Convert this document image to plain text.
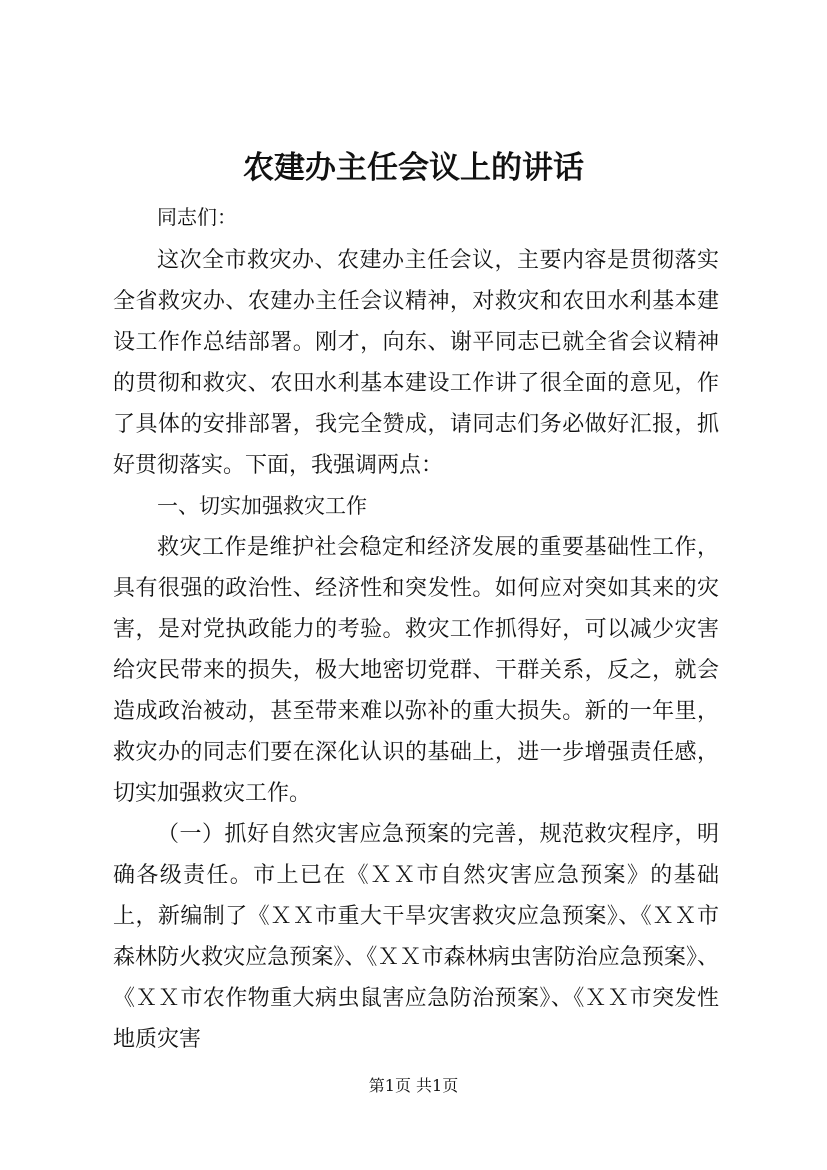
农建办主任会议上的讲话
同志们：

这次全市救灾办、农建办主任会议，主要内容是贯彻落实全省救灾办、农建办主任会议精神，对救灾和农田水利基本建设工作作总结部署。刚才，向东、谢平同志已就全省会议精神的贯彻和救灾、农田水利基本建设工作讲了很全面的意见，作了具体的安排部署，我完全赞成，请同志们务必做好汇报，抓好贯彻落实。下面，我强调两点：

一、切实加强救灾工作

救灾工作是维护社会稳定和经济发展的重要基础性工作，具有很强的政治性、经济性和突发性。如何应对突如其来的灾害，是对党执政能力的考验。救灾工作抓得好，可以减少灾害给灾民带来的损失，极大地密切党群、干群关系，反之，就会造成政治被动，甚至带来难以弥补的重大损失。新的一年里，救灾办的同志们要在深化认识的基础上，进一步增强责任感，切实加强救灾工作。

（一）抓好自然灾害应急预案的完善，规范救灾程序，明确各级责任。市上已在《ＸＸ市自然灾害应急预案》的基础上，新编制了《ＸＸ市重大干旱灾害救灾应急预案》、《ＸＸ市森林防火救灾应急预案》、《ＸＸ市森林病虫害防治应急预案》、《ＸＸ市农作物重大病虫鼠害应急防治预案》、《ＸＸ市突发性地质灾害

第1页 共1页
